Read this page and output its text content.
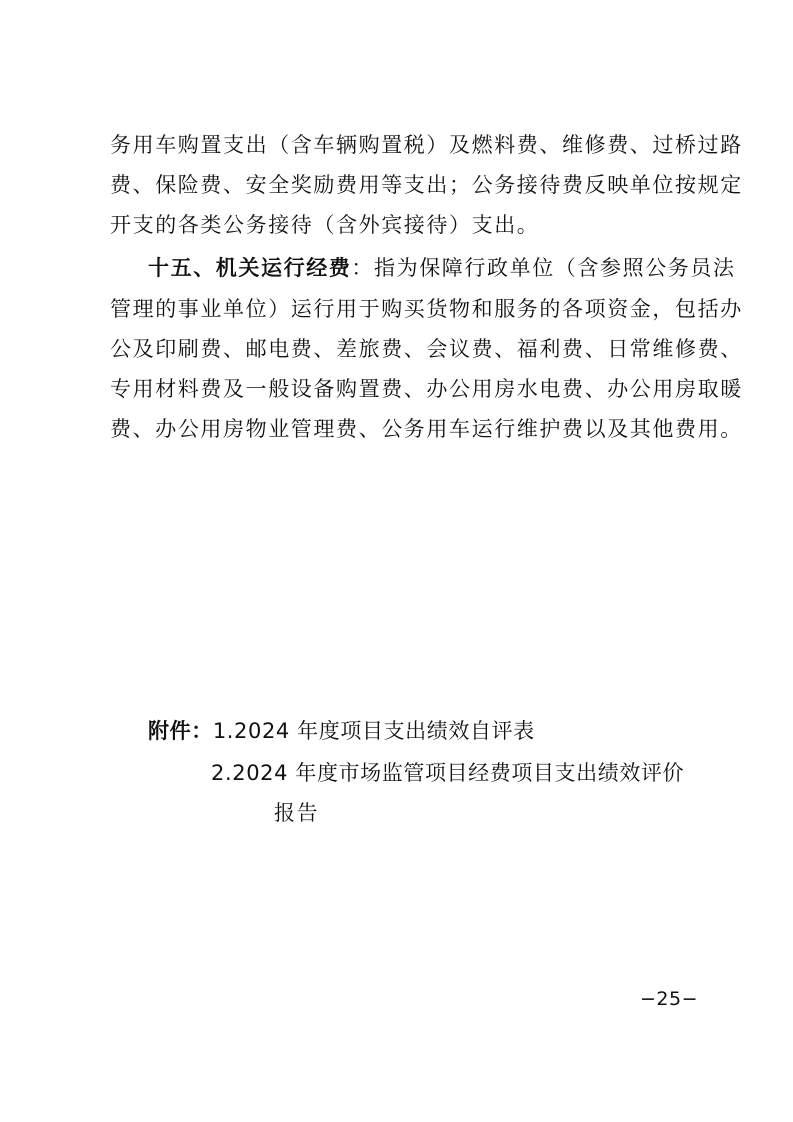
务用车购置支出（含车辆购置税）及燃料费、维修费、过桥过路
费、保险费、安全奖励费用等支出；公务接待费反映单位按规定
开支的各类公务接待（含外宾接待）支出。
十五、机关运行经费：指为保障行政单位（含参照公务员法
管理的事业单位）运行用于购买货物和服务的各项资金，包括办
公及印刷费、邮电费、差旅费、会议费、福利费、日常维修费、
专用材料费及一般设备购置费、办公用房水电费、办公用房取暖
费、办公用房物业管理费、公务用车运行维护费以及其他费用。
附件：1.2024 年度项目支出绩效自评表
2.2024 年度市场监管项目经费项目支出绩效评价
报告
−25−
